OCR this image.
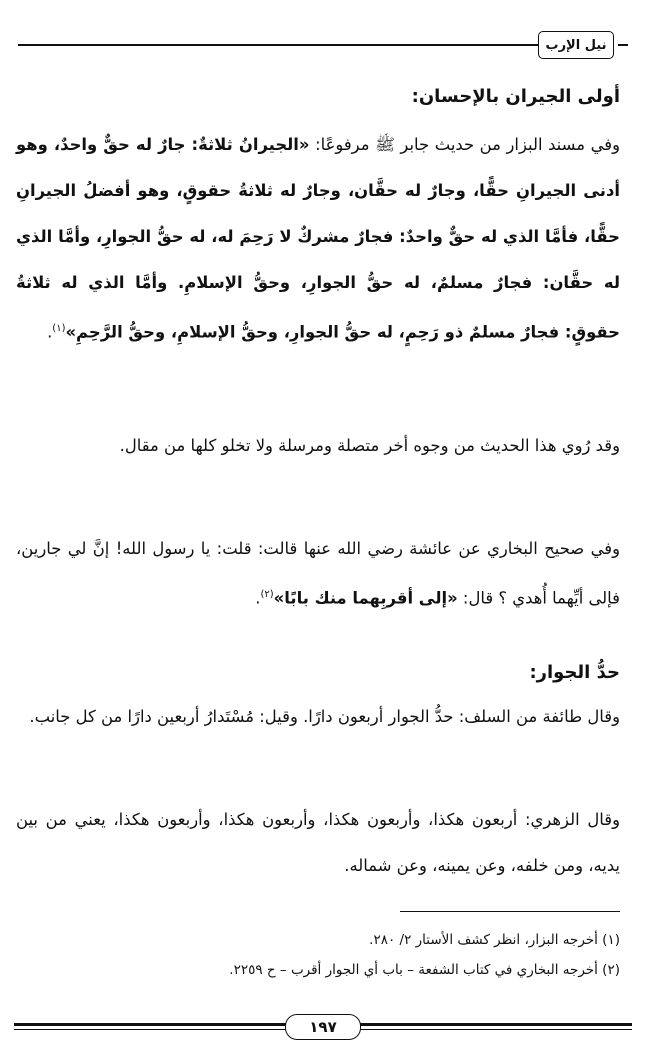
نيل الإرب
أولى الجيران بالإحسان:

وفي مسند البزار من حديث جابر ﷺ مرفوعًا: «الجيرانُ ثلاثةٌ: جارٌ له حقٌّ واحدٌ، وهو أدنى الجيرانِ حقًّا، وجارٌ له حقَّان، وجارٌ له ثلاثةُ حقوقٍ، وهو أفضلُ الجيرانِ حقًّا، فأمَّا الذي له حقٌّ واحدٌ: فجارٌ مشركٌ لا رَحِمَ له، له حقُّ الجوارِ، وأمَّا الذي له حقَّان: فجارٌ مسلمٌ، له حقُّ الجوارِ، وحقُّ الإسلامِ. وأمَّا الذي له ثلاثةُ حقوقٍ: فجارٌ مسلمٌ ذو رَحِمٍ، له حقُّ الجوارِ، وحقُّ الإسلامِ، وحقُّ الرَّحِمِ»$^{(١)}$.

وقد رُوي هذا الحديث من وجوه أخر متصلة ومرسلة ولا تخلو كلها من مقال.

وفي صحيح البخاري عن عائشة رضي الله عنها قالت: قلت: يا رسول الله! إنَّ لي جارين، فإلى أيِّهما أُهدي ؟ قال: «إلى أقربِهما منك بابًا»$^{(٢)}$.

حدُّ الجوار:

وقال طائفة من السلف: حدُّ الجوار أربعون دارًا. وقيل: مُسْتَدارُ أربعين دارًا من كل جانب.

وقال الزهري: أربعون هكذا، وأربعون هكذا، وأربعون هكذا، وأربعون هكذا، يعني من بين يديه، ومن خلفه، وعن يمينه، وعن شماله.

(١) أخرجه البزار، انظر كشف الأستار ٢/ ٢٨٠.
(٢) أخرجه البخاري في كتاب الشفعة – باب أي الجوار أقرب – ح ٢٢٥٩.
١٩٧
